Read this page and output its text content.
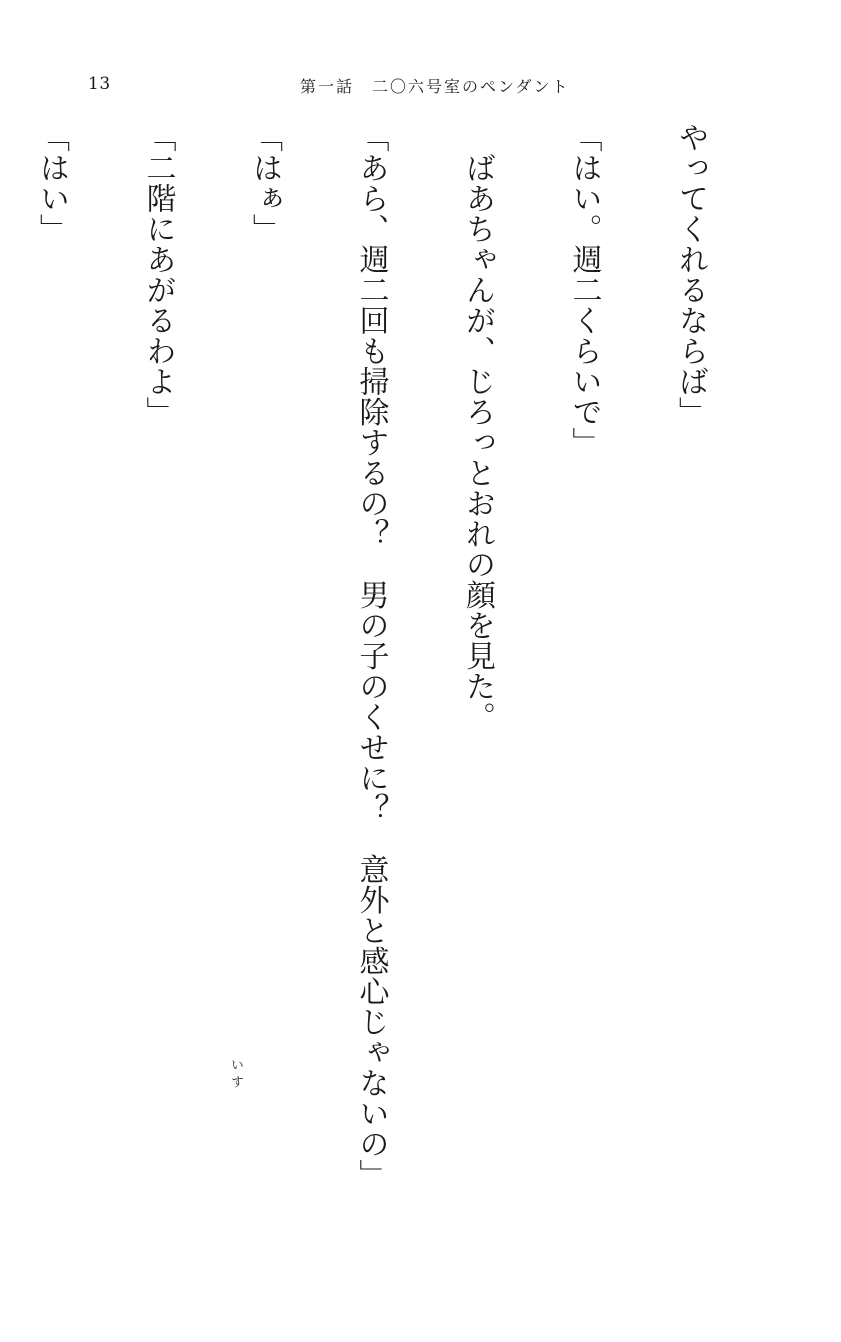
13	第一話　二〇六号室のペンダント

やってくれるならば」

「はい。週二くらいで」

　ばあちゃんが、じろっとおれの顔を見た。

「あら、週二回も掃除するの？　男の子のくせに？　意外と感心じゃないの」

「はぁ」

「二階にあがるわよ」

「はい」

いす
